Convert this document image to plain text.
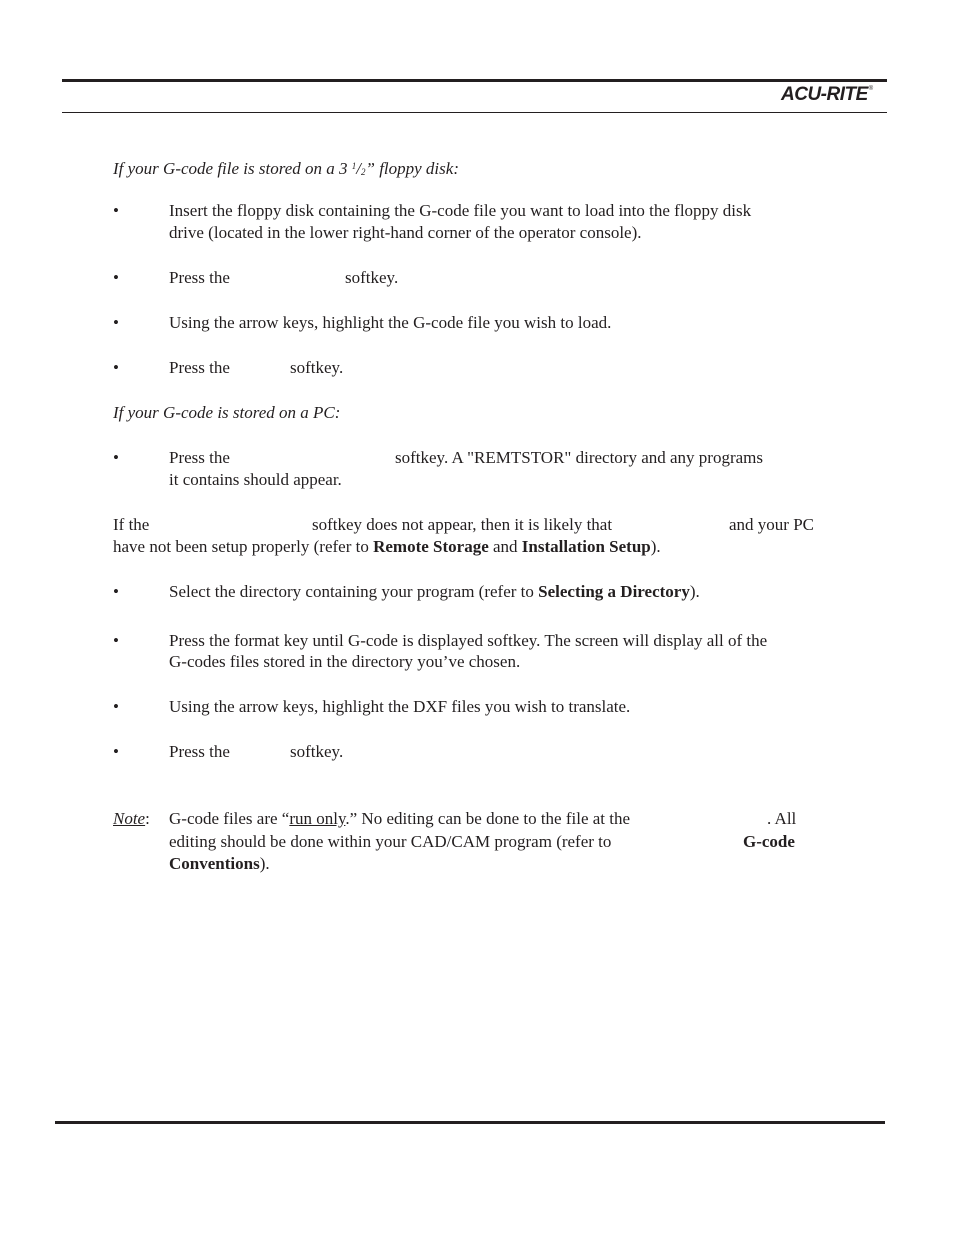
ACU-RITE®
If your G-code file is stored on a 3 $^1$/2” floppy disk:
•	Insert the floppy disk containing the G-code file you want to load into the floppy disk
drive (located in the lower right-hand corner of the operator console).
•	Press the	softkey.
•	Using the arrow keys, highlight the G-code file you wish to load.
•	Press the	softkey.
If your G-code is stored on a PC:
•	Press the	softkey. A "REMTSTOR" directory and any programs
it contains should appear.
If the	softkey does not appear, then it is likely that	and your PC
have not been setup properly (refer to Remote Storage and Installation Setup).
•	Select the directory containing your program (refer to Selecting a Directory).
•	Press the format key until G-code is displayed softkey. The screen will display all of the
G-codes files stored in the directory you’ve chosen.
•	Using the arrow keys, highlight the DXF files you wish to translate.
•	Press the	softkey.
Note: G-code files are “run only.” No editing can be done to the file at the	. All
editing should be done within your CAD/CAM program (refer to	G-code
Conventions).
